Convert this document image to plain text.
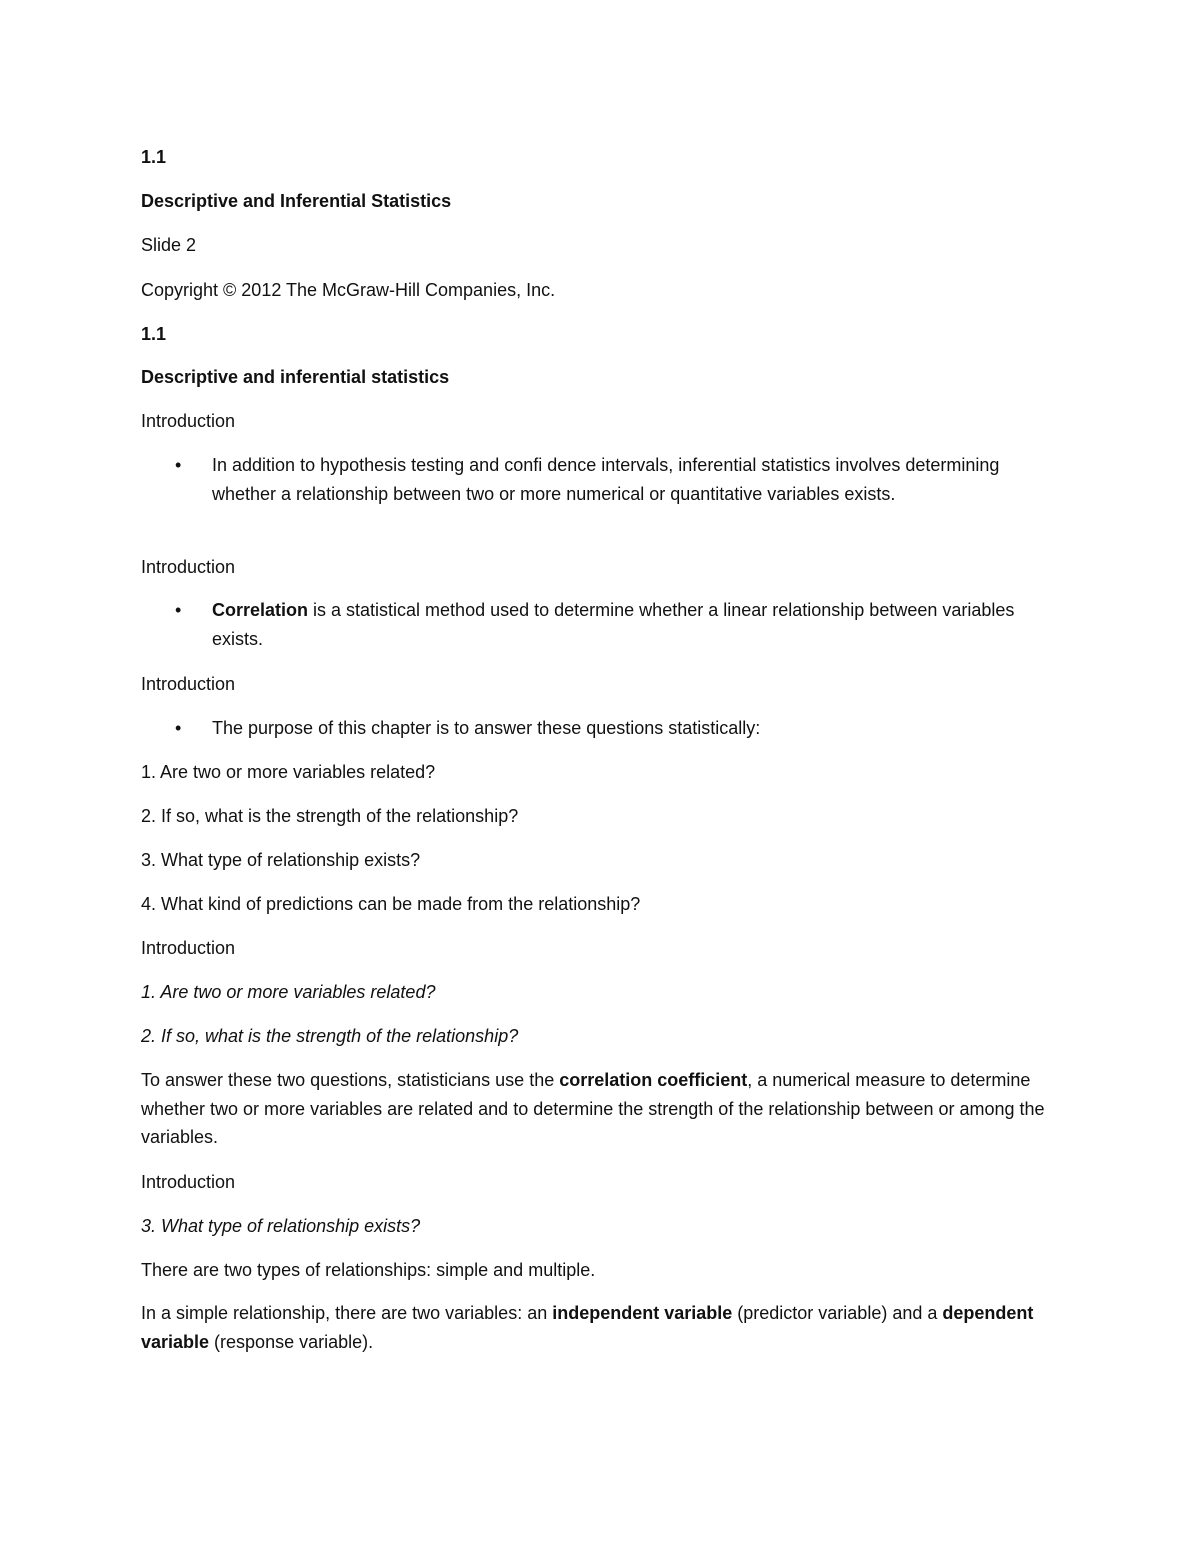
1.1

Descriptive and Inferential Statistics

Slide 2

Copyright © 2012 The McGraw-Hill Companies, Inc.

1.1

Descriptive and inferential statistics

Introduction

• In addition to hypothesis testing and confi dence intervals, inferential statistics involves determining whether a relationship between two or more numerical or quantitative variables exists.

Introduction

• Correlation is a statistical method used to determine whether a linear relationship between variables exists.

Introduction

• The purpose of this chapter is to answer these questions statistically:

1. Are two or more variables related?

2. If so, what is the strength of the relationship?

3. What type of relationship exists?

4. What kind of predictions can be made from the relationship?

Introduction

1. Are two or more variables related?

2. If so, what is the strength of the relationship?

To answer these two questions, statisticians use the correlation coefficient, a numerical measure to determine whether two or more variables are related and to determine the strength of the relationship between or among the variables.

Introduction

3. What type of relationship exists?

There are two types of relationships: simple and multiple.

In a simple relationship, there are two variables: an independent variable (predictor variable) and a dependent variable (response variable).
